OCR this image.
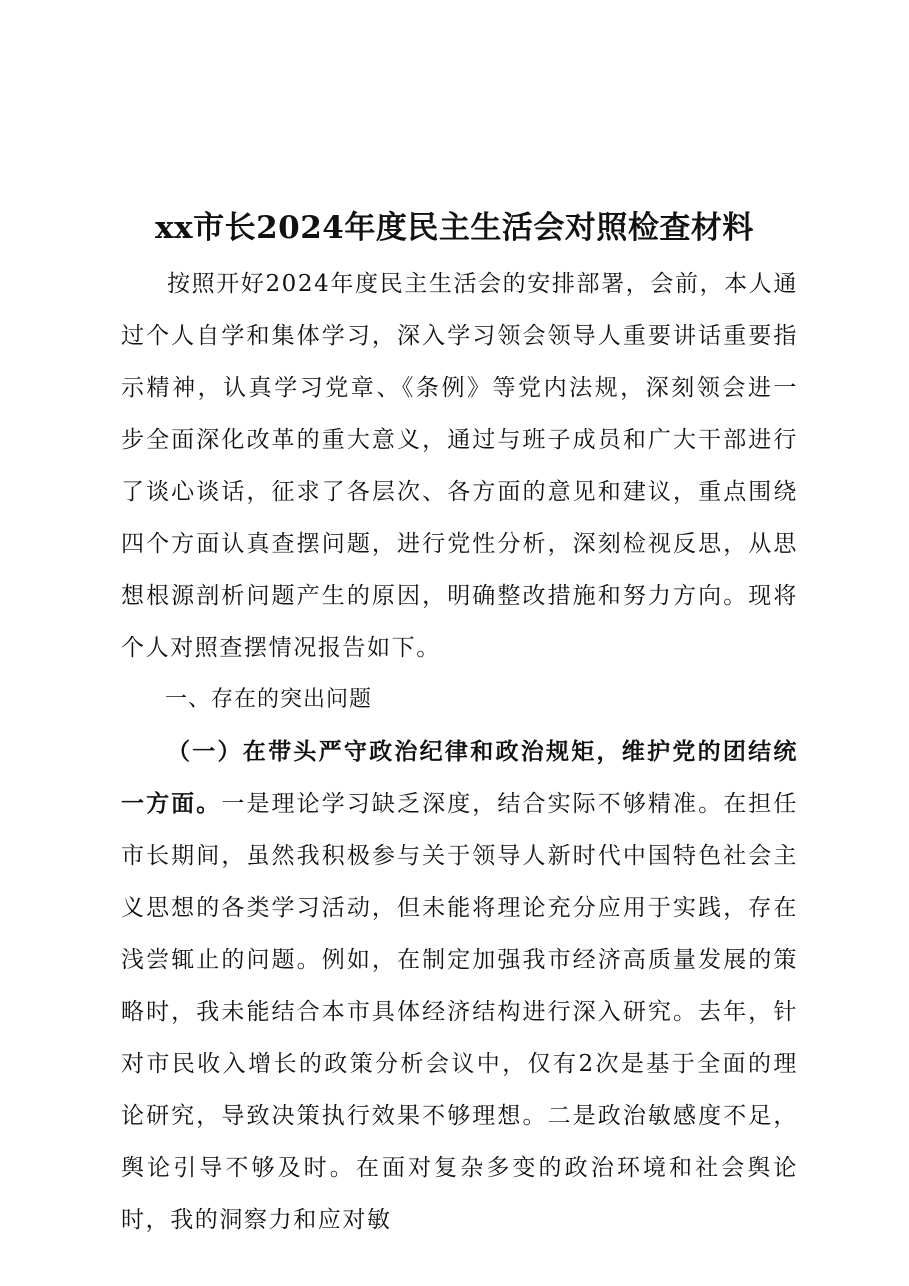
xx市长2024年度民主生活会对照检查材料

按照开好2024年度民主生活会的安排部署，会前，本人通过个人自学和集体学习，深入学习领会领导人重要讲话重要指示精神，认真学习党章、《条例》等党内法规，深刻领会进一步全面深化改革的重大意义，通过与班子成员和广大干部进行了谈心谈话，征求了各层次、各方面的意见和建议，重点围绕四个方面认真查摆问题，进行党性分析，深刻检视反思，从思想根源剖析问题产生的原因，明确整改措施和努力方向。现将个人对照查摆情况报告如下。

一、存在的突出问题

（一）在带头严守政治纪律和政治规矩，维护党的团结统一方面。一是理论学习缺乏深度，结合实际不够精准。在担任市长期间，虽然我积极参与关于领导人新时代中国特色社会主义思想的各类学习活动，但未能将理论充分应用于实践，存在浅尝辄止的问题。例如，在制定加强我市经济高质量发展的策略时，我未能结合本市具体经济结构进行深入研究。去年，针对市民收入增长的政策分析会议中，仅有2次是基于全面的理论研究，导致决策执行效果不够理想。二是政治敏感度不足，舆论引导不够及时。在面对复杂多变的政治环境和社会舆论时，我的洞察力和应对敏
